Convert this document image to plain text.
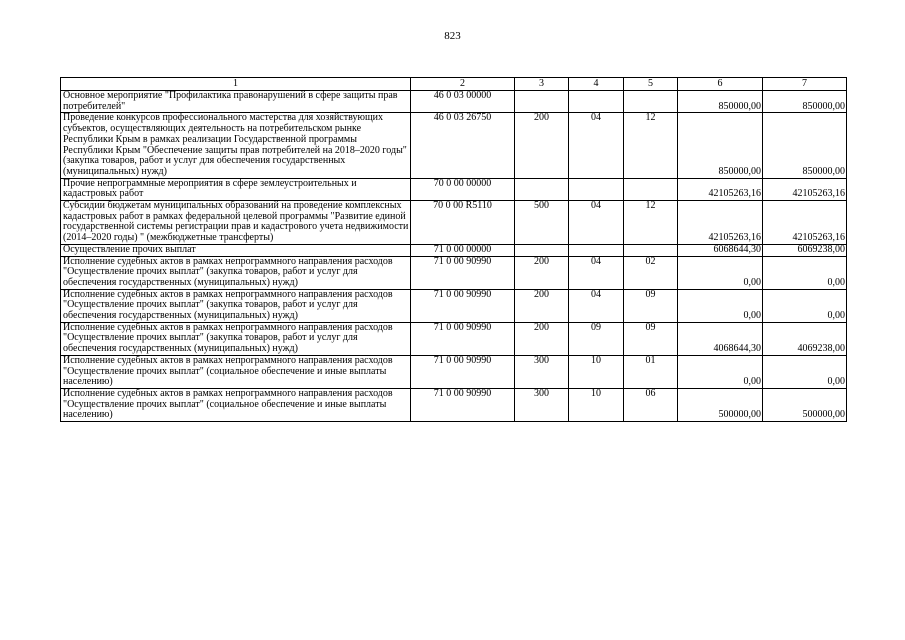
823
1	2	3	4	5	6	7
Основное мероприятие "Профилактика правонарушений в сфере защиты прав потребителей"	46 0 03 00000				850000,00	850000,00
Проведение конкурсов профессионального мастерства для хозяйствующих субъектов, осуществляющих деятельность на потребительском рынке Республики Крым в рамках реализации Государственной программы Республики Крым "Обеспечение защиты прав потребителей на 2018–2020 годы" (закупка товаров, работ и услуг для обеспечения государственных (муниципальных) нужд)	46 0 03 26750	200	04	12	850000,00	850000,00
Прочие непрограммные мероприятия в сфере землеустроительных и кадастровых работ	70 0 00 00000				42105263,16	42105263,16
Субсидии бюджетам муниципальных образований на проведение комплексных кадастровых работ в рамках федеральной целевой программы "Развитие единой государственной системы регистрации прав и кадастрового учета недвижимости (2014–2020 годы) " (межбюджетные трансферты)	70 0 00 R5110	500	04	12	42105263,16	42105263,16
Осуществление прочих выплат	71 0 00 00000				6068644,30	6069238,00
Исполнение судебных актов в рамках непрограммного направления расходов "Осуществление прочих выплат" (закупка товаров, работ и услуг для обеспечения государственных (муниципальных) нужд)	71 0 00 90990	200	04	02	0,00	0,00
Исполнение судебных актов в рамках непрограммного направления расходов "Осуществление прочих выплат" (закупка товаров, работ и услуг для обеспечения государственных (муниципальных) нужд)	71 0 00 90990	200	04	09	0,00	0,00
Исполнение судебных актов в рамках непрограммного направления расходов "Осуществление прочих выплат" (закупка товаров, работ и услуг для обеспечения государственных (муниципальных) нужд)	71 0 00 90990	200	09	09	4068644,30	4069238,00
Исполнение судебных актов в рамках непрограммного направления расходов "Осуществление прочих выплат" (социальное обеспечение и иные выплаты населению)	71 0 00 90990	300	10	01	0,00	0,00
Исполнение судебных актов в рамках непрограммного направления расходов "Осуществление прочих выплат" (социальное обеспечение и иные выплаты населению)	71 0 00 90990	300	10	06	500000,00	500000,00
